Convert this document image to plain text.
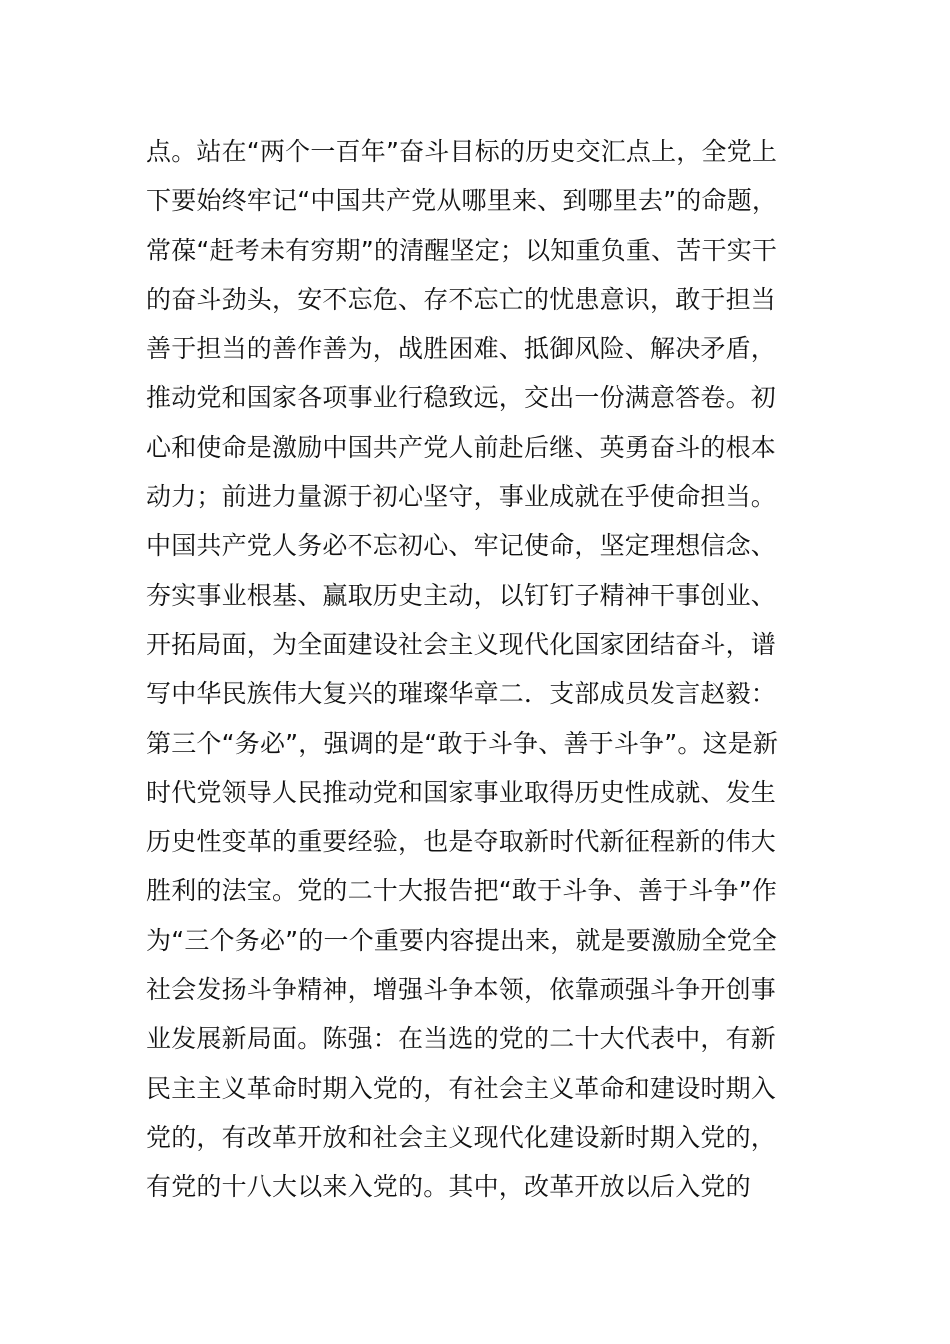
点。站在“两个一百年”奋斗目标的历史交汇点上，全党上
下要始终牢记“中国共产党从哪里来、到哪里去”的命题，
常葆“赶考未有穷期”的清醒坚定；以知重负重、苦干实干
的奋斗劲头，安不忘危、存不忘亡的忧患意识，敢于担当
善于担当的善作善为，战胜困难、抵御风险、解决矛盾，
推动党和国家各项事业行稳致远，交出一份满意答卷。初
心和使命是激励中国共产党人前赴后继、英勇奋斗的根本
动力；前进力量源于初心坚守，事业成就在乎使命担当。
中国共产党人务必不忘初心、牢记使命，坚定理想信念、
夯实事业根基、赢取历史主动，以钉钉子精神干事创业、
开拓局面，为全面建设社会主义现代化国家团结奋斗，谱
写中华民族伟大复兴的璀璨华章二．支部成员发言赵毅：
第三个“务必”，强调的是“敢于斗争、善于斗争”。这是新
时代党领导人民推动党和国家事业取得历史性成就、发生
历史性变革的重要经验，也是夺取新时代新征程新的伟大
胜利的法宝。党的二十大报告把“敢于斗争、善于斗争”作
为“三个务必”的一个重要内容提出来，就是要激励全党全
社会发扬斗争精神，增强斗争本领，依靠顽强斗争开创事
业发展新局面。陈强：在当选的党的二十大代表中，有新
民主主义革命时期入党的，有社会主义革命和建设时期入
党的，有改革开放和社会主义现代化建设新时期入党的，
有党的十八大以来入党的。其中，改革开放以后入党的
